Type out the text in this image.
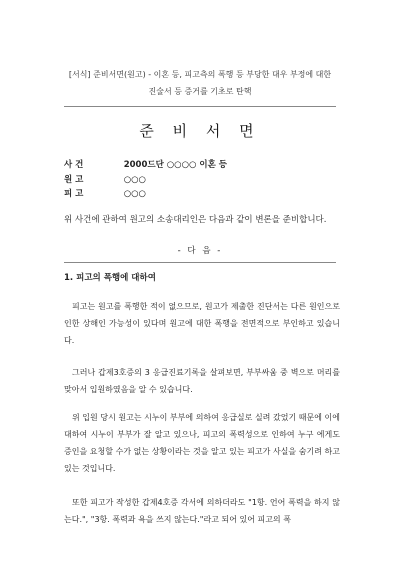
[서식] 준비서면(원고) - 이혼 등, 피고측의 폭행 등 부당한 대우 부정에 대한
진술서 등 증거를 기초로 탄핵
준 비 서 면
사 건	2000드단 ○○○○ 이혼 등
원 고	○○○
피 고	○○○
위 사건에 관하여 원고의 소송대리인은 다음과 같이 변론을 준비합니다.
- 다 음 -
1. 피고의 폭행에 대하여
피고는 원고를 폭행한 적이 없으므로, 원고가 제출한 진단서는 다른 원인으로 인한 상해인 가능성이 있다며 원고에 대한 폭행을 전면적으로 부인하고 있습니다.
그러나 갑제3호증의 3 응급진료기록을 살펴보면, 부부싸움 중 벽으로 머리를 맞아서 입원하였음을 알 수 있습니다.
위 입원 당시 원고는 시누이 부부에 의하여 응급실로 실려 갔었기 때문에 이에 대하여 시누이 부부가 잘 알고 있으나, 피고의 폭력성으로 인하여 누구 에게도 증인을 요청할 수가 없는 상황이라는 것을 알고 있는 피고가 사실을 숨기려 하고 있는 것입니다.
또한 피고가 작성한 갑제4호증 각서에 의하더라도 "1항. 언어 폭력을 하지 않는다.", "3항. 폭력과 욕을 쓰지 않는다."라고 되어 있어 피고의 폭
